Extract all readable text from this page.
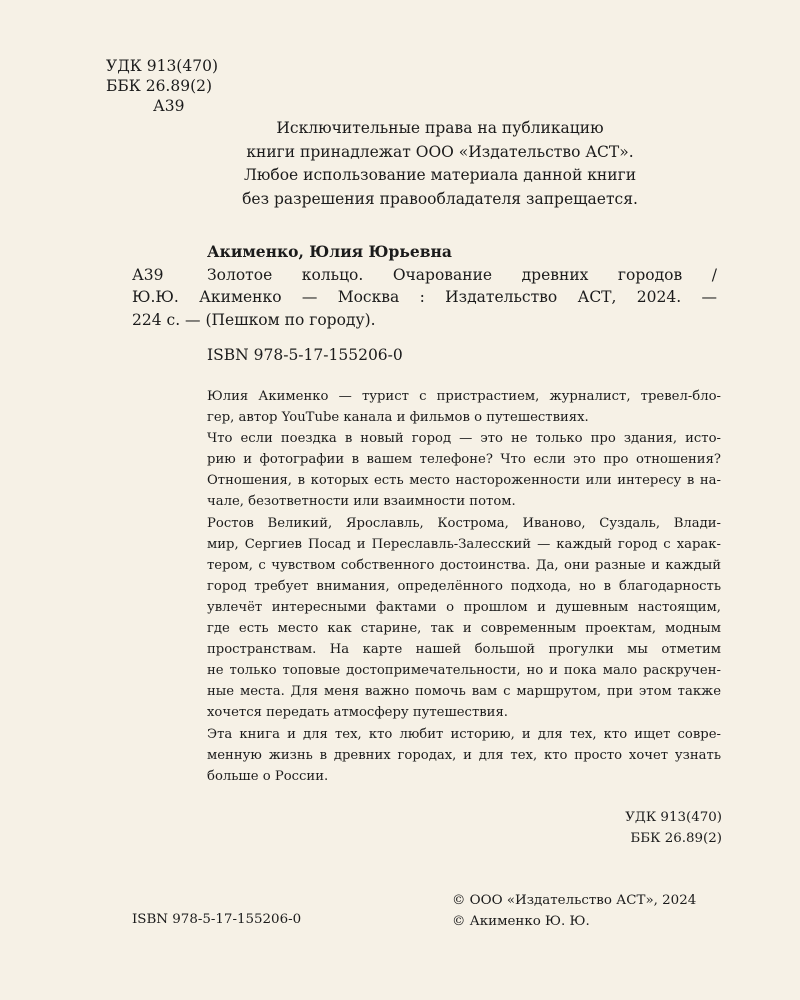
УДК 913(470)
ББК 26.89(2)
А39
Исключительные права на публикацию
книги принадлежат ООО «Издательство АСТ».
Любое использование материала данной книги
без разрешения правообладателя запрещается.
Акименко, Юлия Юрьевна
А39	Золотое кольцо. Очарование древних городов /
Ю.Ю. Акименко — Москва : Издательство АСТ, 2024. —
224 с. — (Пешком по городу).
ISBN 978-5-17-155206-0
Юлия Акименко — турист с пристрастием, журналист, тревел-бло-
гер, автор YouTube канала и фильмов о путешествиях.
Что если поездка в новый город — это не только про здания, исто-
рию и фотографии в вашем телефоне? Что если это про отношения?
Отношения, в которых есть место настороженности или интересу в на-
чале, безответности или взаимности потом.
Ростов Великий, Ярославль, Кострома, Иваново, Суздаль, Влади-
мир, Сергиев Посад и Переславль-Залесский — каждый город с харак-
тером, с чувством собственного достоинства. Да, они разные и каждый
город требует внимания, определённого подхода, но в благодарность
увлечёт интересными фактами о прошлом и душевным настоящим,
где есть место как старине, так и современным проектам, модным
пространствам. На карте нашей большой прогулки мы отметим
не только топовые достопримечательности, но и пока мало раскручен-
ные места. Для меня важно помочь вам с маршрутом, при этом также
хочется передать атмосферу путешествия.
Эта книга и для тех, кто любит историю, и для тех, кто ищет совре-
менную жизнь в древних городах, и для тех, кто просто хочет узнать
больше о России.
УДК 913(470)
ББК 26.89(2)
ISBN 978-5-17-155206-0
© ООО «Издательство АСТ», 2024
© Акименко Ю. Ю.
